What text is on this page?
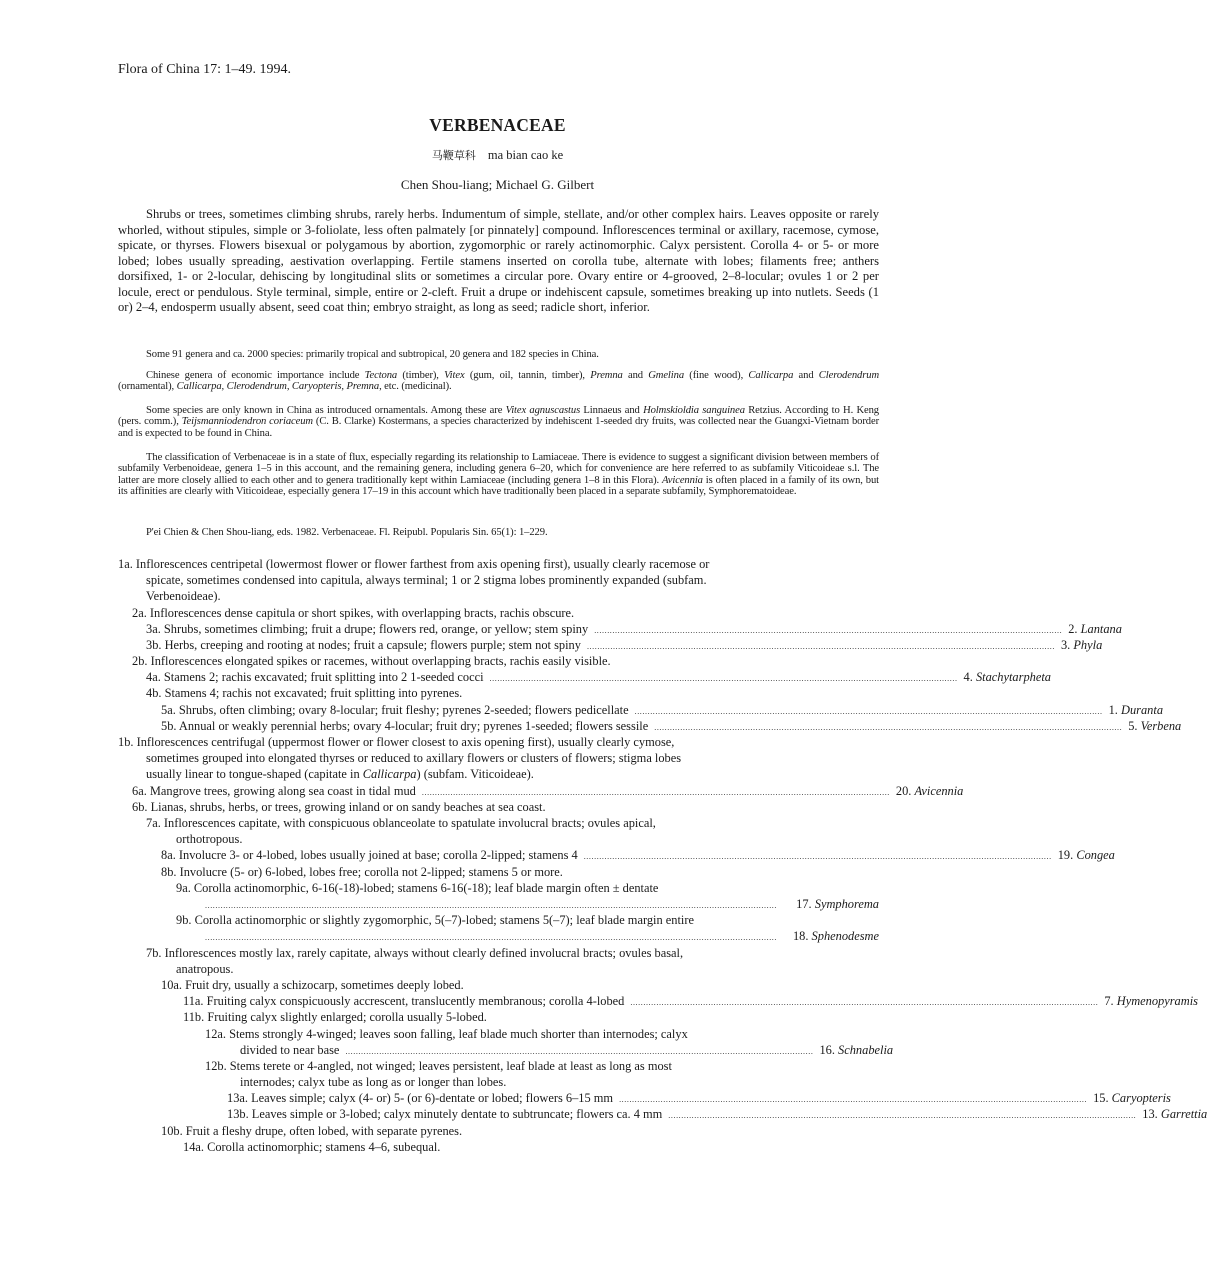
Flora of China 17: 1–49. 1994.
VERBENACEAE
马鞭草科 ma bian cao ke
Chen Shou-liang; Michael G. Gilbert

Shrubs or trees, sometimes climbing shrubs, rarely herbs. Indumentum of simple, stellate, and/or other complex hairs. Leaves opposite or rarely whorled, without stipules, simple or 3-foliolate, less often palmately [or pinnately] compound. Inflorescences terminal or axillary, racemose, cymose, spicate, or thyrses. Flowers bisexual or polygamous by abortion, zygomorphic or rarely actinomorphic. Calyx persistent. Corolla 4- or 5- or more lobed; lobes usually spreading, aestivation overlapping. Fertile stamens inserted on corolla tube, alternate with lobes; filaments free; anthers dorsifixed, 1- or 2-locular, dehiscing by longitudinal slits or sometimes a circular pore. Ovary entire or 4-grooved, 2–8-locular; ovules 1 or 2 per locule, erect or pendulous. Style terminal, simple, entire or 2-cleft. Fruit a drupe or indehiscent capsule, sometimes breaking up into nutlets. Seeds (1 or) 2–4, endosperm usually absent, seed coat thin; embryo straight, as long as seed; radicle short, inferior.

Some 91 genera and ca. 2000 species: primarily tropical and subtropical, 20 genera and 182 species in China.

Chinese genera of economic importance include Tectona (timber), Vitex (gum, oil, tannin, timber), Premna and Gmelina (fine wood), Callicarpa and Clerodendrum (ornamental), Callicarpa, Clerodendrum, Caryopteris, Premna, etc. (medicinal).

Some species are only known in China as introduced ornamentals. Among these are Vitex agnuscastus Linnaeus and Holmskioldia sanguinea Retzius. According to H. Keng (pers. comm.), Teijsmanniodendron coriaceum (C. B. Clarke) Kostermans, a species characterized by indehiscent 1-seeded dry fruits, was collected near the Guangxi-Vietnam border and is expected to be found in China.

The classification of Verbenaceae is in a state of flux, especially regarding its relationship to Lamiaceae. There is evidence to suggest a significant division between members of subfamily Verbenoideae, genera 1–5 in this account, and the remaining genera, including genera 6–20, which for convenience are here referred to as subfamily Viticoideae s.l. The latter are more closely allied to each other and to genera traditionally kept within Lamiaceae (including genera 1–8 in this Flora). Avicennia is often placed in a family of its own, but its affinities are clearly with Viticoideae, especially genera 17–19 in this account which have traditionally been placed in a separate subfamily, Symphorematoideae.

P'ei Chien & Chen Shou-liang, eds. 1982. Verbenaceae. Fl. Reipubl. Popularis Sin. 65(1): 1–229.

1a. Inflorescences centripetal (lowermost flower or flower farthest from axis opening first), usually clearly racemose or
spicate, sometimes condensed into capitula, always terminal; 1 or 2 stigma lobes prominently expanded (subfam.
Verbenoideae).
2a. Inflorescences dense capitula or short spikes, with overlapping bracts, rachis obscure.
3a. Shrubs, sometimes climbing; fruit a drupe; flowers red, orange, or yellow; stem spiny .................................................................................................................................................................................... 2. Lantana
3b. Herbs, creeping and rooting at nodes; fruit a capsule; flowers purple; stem not spiny .................................................................................................................................................................................... 3. Phyla
2b. Inflorescences elongated spikes or racemes, without overlapping bracts, rachis easily visible.
4a. Stamens 2; rachis excavated; fruit splitting into 2 1-seeded cocci .................................................................................................................................................................................... 4. Stachytarpheta
4b. Stamens 4; rachis not excavated; fruit splitting into pyrenes.
5a. Shrubs, often climbing; ovary 8-locular; fruit fleshy; pyrenes 2-seeded; flowers pedicellate .................................................................................................................................................................................... 1. Duranta
5b. Annual or weakly perennial herbs; ovary 4-locular; fruit dry; pyrenes 1-seeded; flowers sessile .................................................................................................................................................................................... 5. Verbena
1b. Inflorescences centrifugal (uppermost flower or flower closest to axis opening first), usually clearly cymose,
sometimes grouped into elongated thyrses or reduced to axillary flowers or clusters of flowers; stigma lobes
usually linear to tongue-shaped (capitate in Callicarpa) (subfam. Viticoideae).
6a. Mangrove trees, growing along sea coast in tidal mud .................................................................................................................................................................................... 20. Avicennia
6b. Lianas, shrubs, herbs, or trees, growing inland or on sandy beaches at sea coast.
7a. Inflorescences capitate, with conspicuous oblanceolate to spatulate involucral bracts; ovules apical,
orthotropous.
8a. Involucre 3- or 4-lobed, lobes usually joined at base; corolla 2-lipped; stamens 4 .................................................................................................................................................................................... 19. Congea
8b. Involucre (5- or) 6-lobed, lobes free; corolla not 2-lipped; stamens 5 or more.
9a. Corolla actinomorphic, 6-16(-18)-lobed; stamens 6-16(-18); leaf blade margin often ± dentate
............................................................................................................................................................................................................................	17. Symphorema
9b. Corolla actinomorphic or slightly zygomorphic, 5(–7)-lobed; stamens 5(–7); leaf blade margin entire
............................................................................................................................................................................................................................	18. Sphenodesme
7b. Inflorescences mostly lax, rarely capitate, always without clearly defined involucral bracts; ovules basal,
anatropous.
10a. Fruit dry, usually a schizocarp, sometimes deeply lobed.
11a. Fruiting calyx conspicuously accrescent, translucently membranous; corolla 4-lobed .................................................................................................................................................................................... 7. Hymenopyramis
11b. Fruiting calyx slightly enlarged; corolla usually 5-lobed.
12a. Stems strongly 4-winged; leaves soon falling, leaf blade much shorter than internodes; calyx
divided to near base .................................................................................................................................................................................... 16. Schnabelia
12b. Stems terete or 4-angled, not winged; leaves persistent, leaf blade at least as long as most
internodes; calyx tube as long as or longer than lobes.
13a. Leaves simple; calyx (4- or) 5- (or 6)-dentate or lobed; flowers 6–15 mm .................................................................................................................................................................................... 15. Caryopteris
13b. Leaves simple or 3-lobed; calyx minutely dentate to subtruncate; flowers ca. 4 mm .................................................................................................................................................................................... 13. Garrettia
10b. Fruit a fleshy drupe, often lobed, with separate pyrenes.
14a. Corolla actinomorphic; stamens 4–6, subequal.
